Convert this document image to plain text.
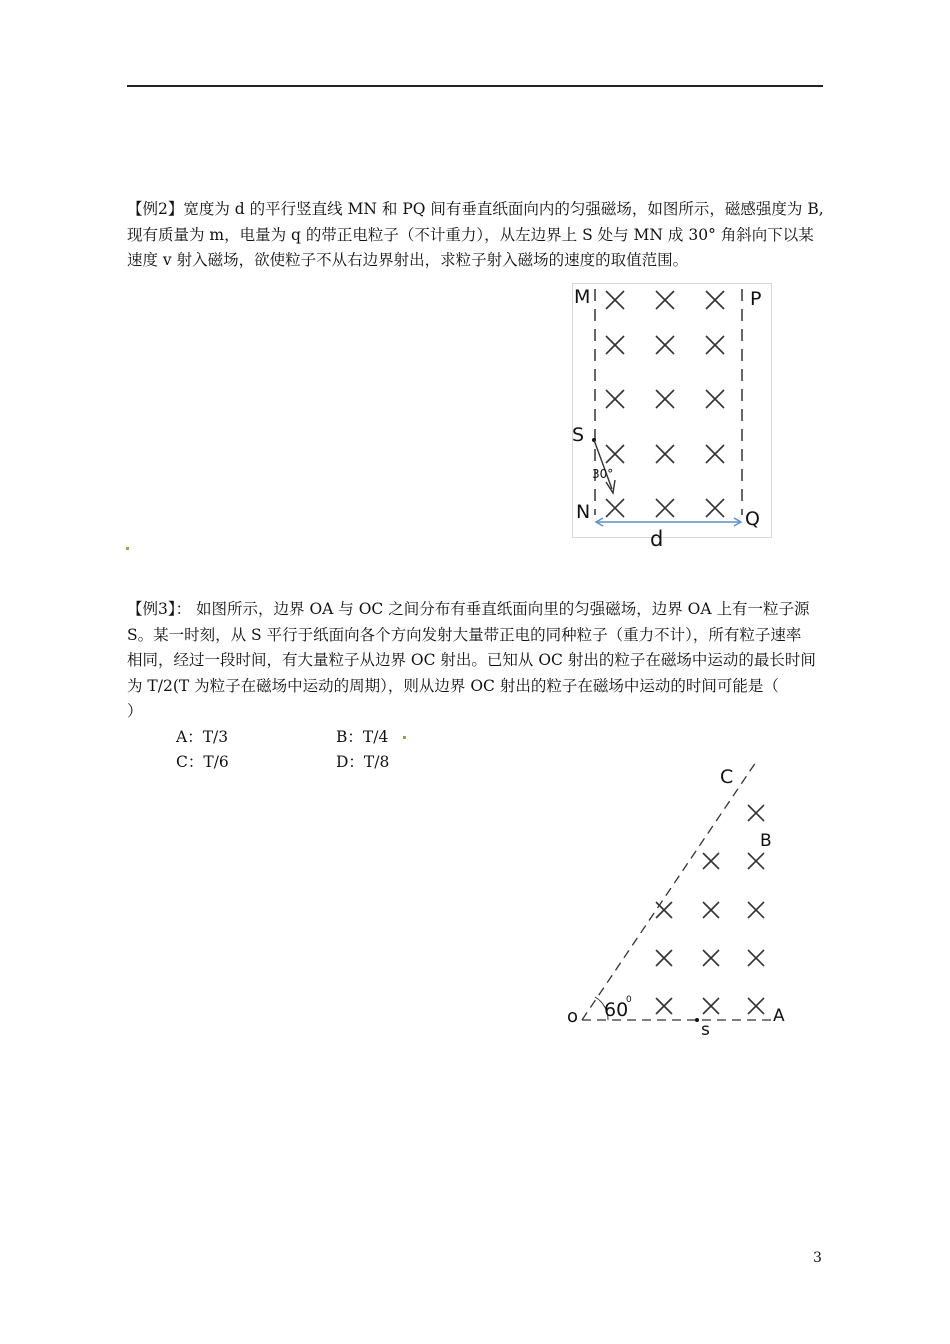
【例2】宽度为 d 的平行竖直线 MN 和 PQ 间有垂直纸面向内的匀强磁场，如图所示，磁感强度为 B,
现有质量为 m，电量为 q 的带正电粒子（不计重力），从左边界上 S 处与 MN 成 30° 角斜向下以某
速度 v 射入磁场，欲使粒子不从右边界射出，求粒子射入磁场的速度的取值范围。
M	P
S
30°
N	Q
d
【例3】： 如图所示，边界 OA 与 OC 之间分布有垂直纸面向里的匀强磁场，边界 OA 上有一粒子源
S。某一时刻，从 S 平行于纸面向各个方向发射大量带正电的同种粒子（重力不计），所有粒子速率
相同，经过一段时间，有大量粒子从边界 OC 射出。已知从 OC 射出的粒子在磁场中运动的最长时间
为 T/2(T 为粒子在磁场中运动的周期），则从边界 OC 射出的粒子在磁场中运动的时间可能是（
）
A：T/3	B：T/4
C：T/6	D：T/8
C
B
o 60
0
A
s
3
